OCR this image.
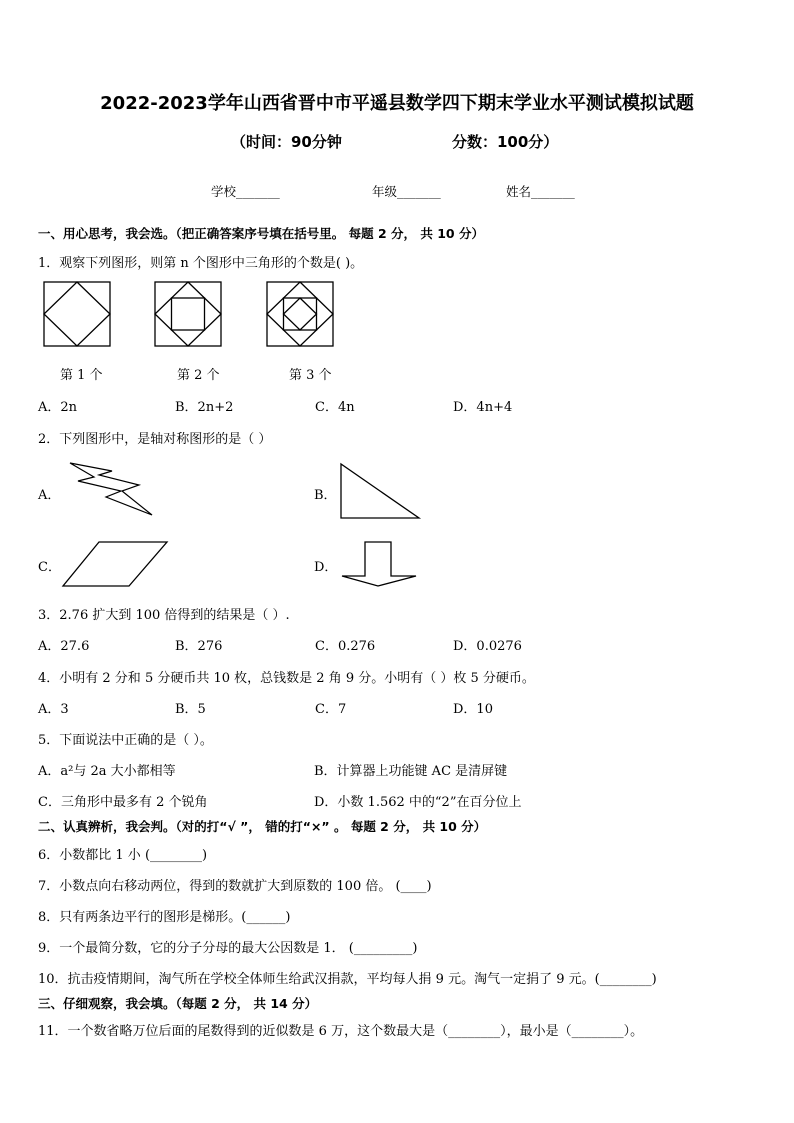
2022-2023学年山西省晋中市平遥县数学四下期末学业水平测试模拟试题
（时间：90分钟	分数：100分）
学校_______	年级_______	姓名_______
一、用心思考，我会选。（把正确答案序号填在括号里。 每题 2 分， 共 10 分）
1．观察下列图形，则第 n 个图形中三角形的个数是( )。
第 1 个	第 2 个	第 3 个
A．2n	B．2n+2	C．4n	D．4n+4
2．下列图形中，是轴对称图形的是（ ）
A．	B．
C．	D．
3．2.76 扩大到 100 倍得到的结果是（ ）.
A．27.6	B．276	C．0.276	D．0.0276
4．小明有 2 分和 5 分硬币共 10 枚，总钱数是 2 角 9 分。小明有（ ）枚 5 分硬币。
A．3	B．5	C．7	D．10
5．下面说法中正确的是（ ）。
A．a²与 2a 大小都相等	B．计算器上功能键 AC 是清屏键
C．三角形中最多有 2 个锐角	D．小数 1.562 中的“2”在百分位上
二、认真辨析，我会判。（对的打“√ ”， 错的打“×” 。 每题 2 分， 共 10 分）
6．小数都比 1 小 (________)
7．小数点向右移动两位，得到的数就扩大到原数的 100 倍。 (____)
8．只有两条边平行的图形是梯形。(______)
9．一个最简分数，它的分子分母的最大公因数是 1． (_________)
10．抗击疫情期间，淘气所在学校全体师生给武汉捐款，平均每人捐 9 元。淘气一定捐了 9 元。(________)
三、仔细观察，我会填。（每题 2 分， 共 14 分）
11．一个数省略万位后面的尾数得到的近似数是 6 万，这个数最大是（________），最小是（________）。
